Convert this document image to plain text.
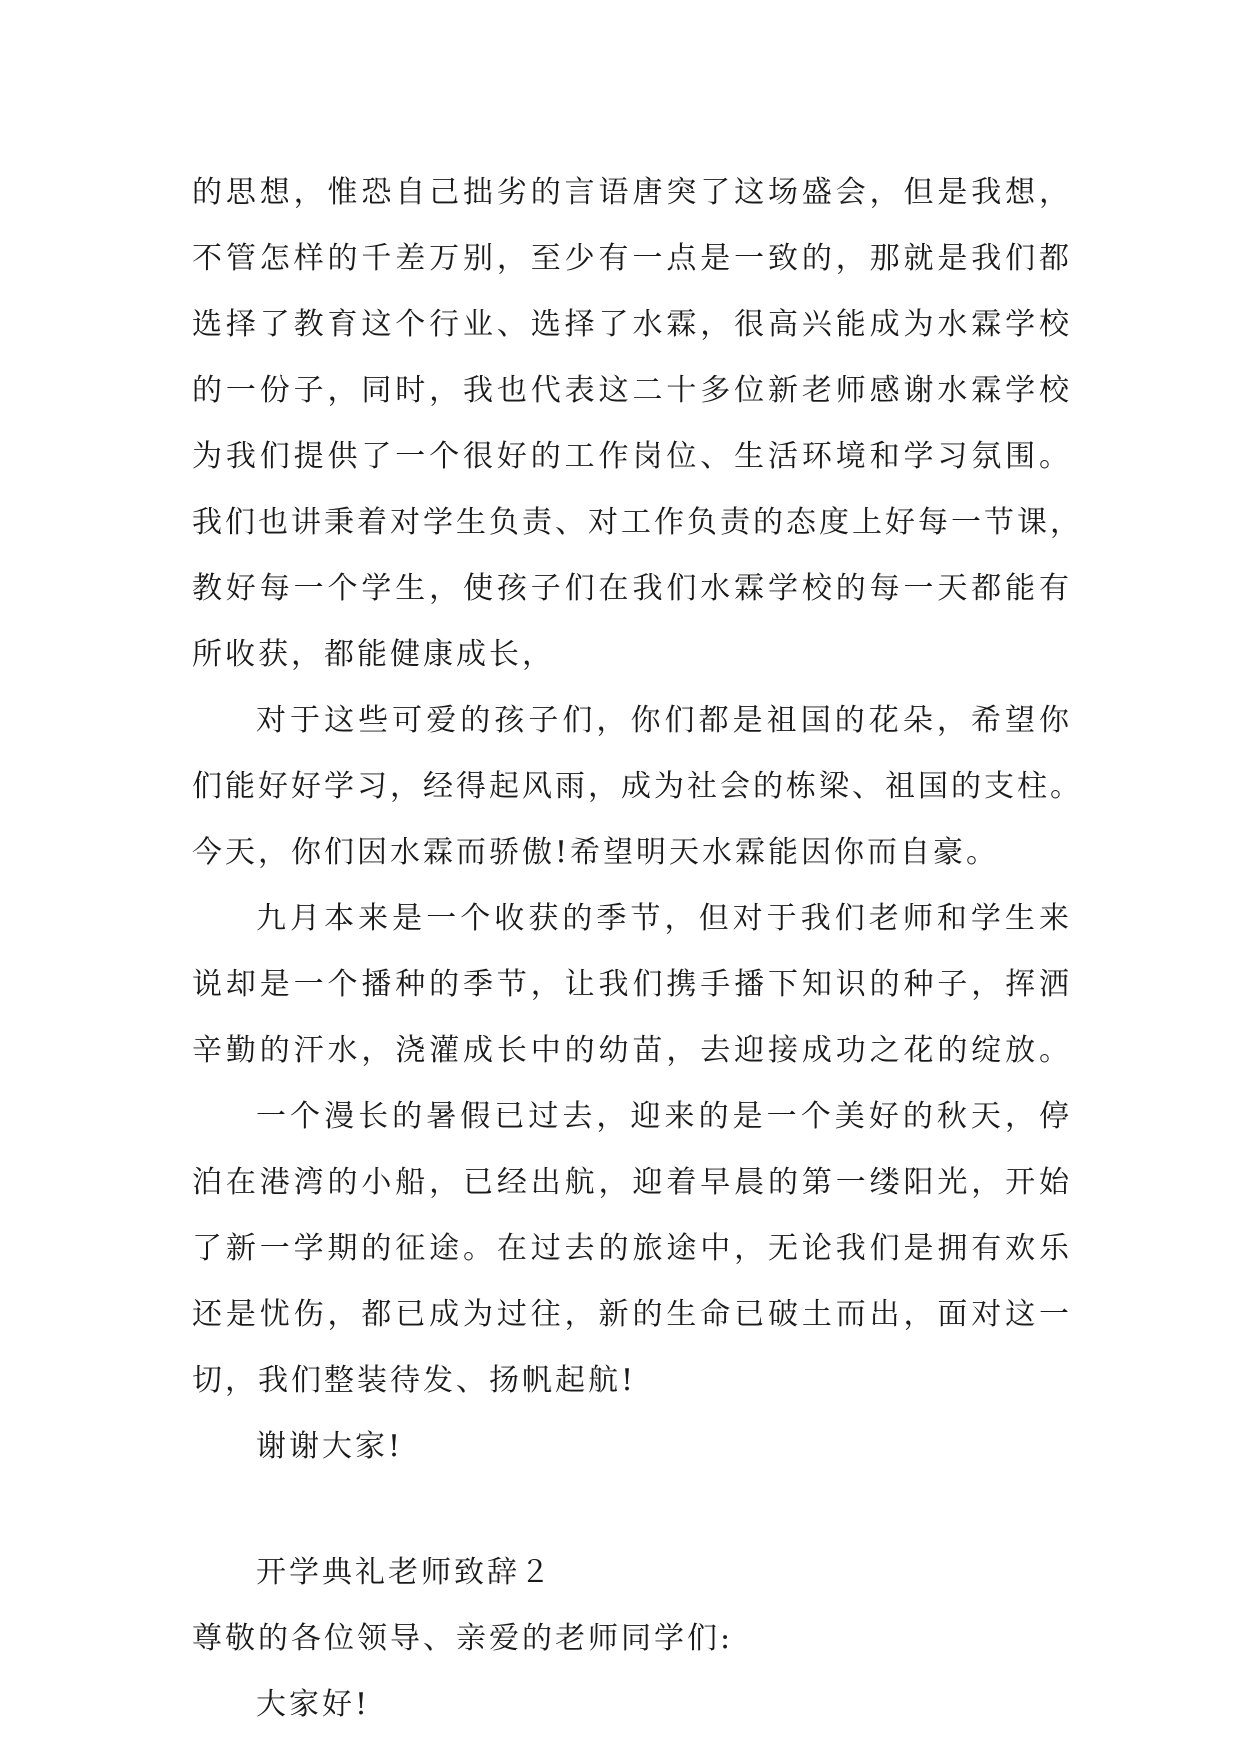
的思想，惟恐自己拙劣的言语唐突了这场盛会，但是我想，
不管怎样的千差万别，至少有一点是一致的，那就是我们都
选择了教育这个行业、选择了水霖，很高兴能成为水霖学校
的一份子，同时，我也代表这二十多位新老师感谢水霖学校
为我们提供了一个很好的工作岗位、生活环境和学习氛围。
我们也讲秉着对学生负责、对工作负责的态度上好每一节课，
教好每一个学生，使孩子们在我们水霖学校的每一天都能有
所收获，都能健康成长，
对于这些可爱的孩子们，你们都是祖国的花朵，希望你
们能好好学习，经得起风雨，成为社会的栋梁、祖国的支柱。
今天，你们因水霖而骄傲!希望明天水霖能因你而自豪。
九月本来是一个收获的季节，但对于我们老师和学生来
说却是一个播种的季节，让我们携手播下知识的种子，挥洒
辛勤的汗水，浇灌成长中的幼苗，去迎接成功之花的绽放。
一个漫长的暑假已过去，迎来的是一个美好的秋天，停
泊在港湾的小船，已经出航，迎着早晨的第一缕阳光，开始
了新一学期的征途。在过去的旅途中，无论我们是拥有欢乐
还是忧伤，都已成为过往，新的生命已破土而出，面对这一
切，我们整装待发、扬帆起航!
谢谢大家!
开学典礼老师致辞２
尊敬的各位领导、亲爱的老师同学们:
大家好!
